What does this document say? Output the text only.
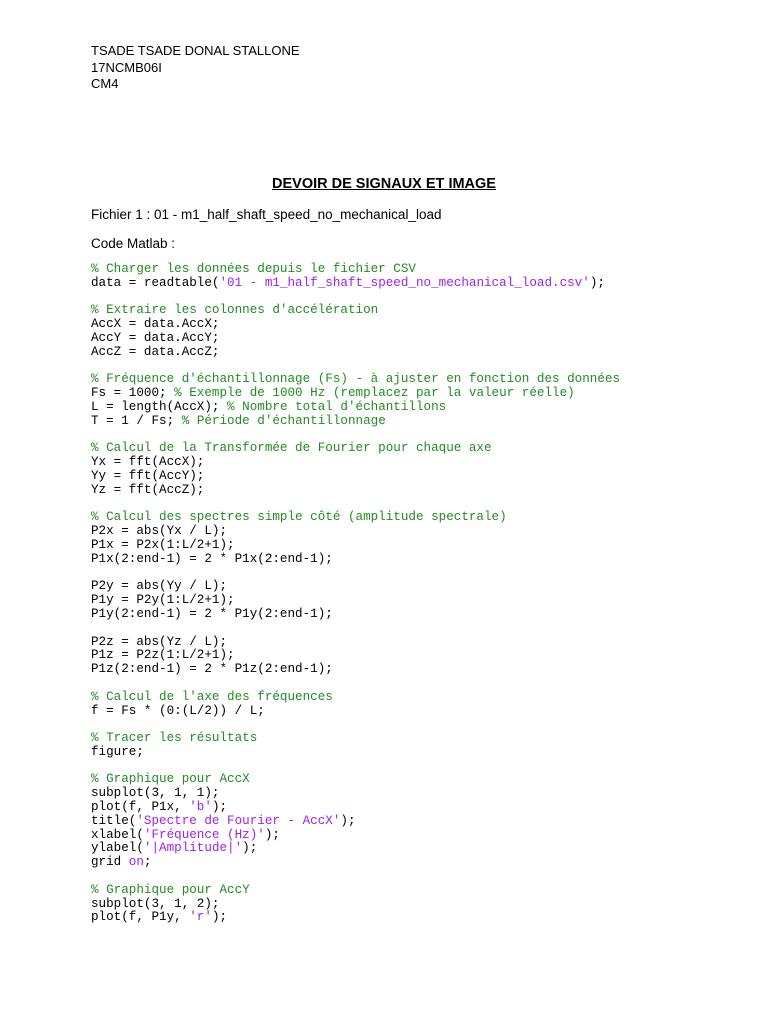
TSADE TSADE DONAL STALLONE
17NCMB06I
CM4
DEVOIR DE SIGNAUX ET IMAGE
Fichier 1 : 01 - m1_half_shaft_speed_no_mechanical_load
Code Matlab :
% Charger les données depuis le fichier CSV
data = readtable('01 - m1_half_shaft_speed_no_mechanical_load.csv');
% Extraire les colonnes d'accélération
AccX = data.AccX;
AccY = data.AccY;
AccZ = data.AccZ;
% Fréquence d'échantillonnage (Fs) - à ajuster en fonction des données
Fs = 1000; % Exemple de 1000 Hz (remplacez par la valeur réelle)
L = length(AccX); % Nombre total d'échantillons
T = 1 / Fs; % Période d'échantillonnage
% Calcul de la Transformée de Fourier pour chaque axe
Yx = fft(AccX);
Yy = fft(AccY);
Yz = fft(AccZ);
% Calcul des spectres simple côté (amplitude spectrale)
P2x = abs(Yx / L);
P1x = P2x(1:L/2+1);
P1x(2:end-1) = 2 * P1x(2:end-1);
P2y = abs(Yy / L);
P1y = P2y(1:L/2+1);
P1y(2:end-1) = 2 * P1y(2:end-1);
P2z = abs(Yz / L);
P1z = P2z(1:L/2+1);
P1z(2:end-1) = 2 * P1z(2:end-1);
% Calcul de l'axe des fréquences
f = Fs * (0:(L/2)) / L;
% Tracer les résultats
figure;
% Graphique pour AccX
subplot(3, 1, 1);
plot(f, P1x, 'b');
title('Spectre de Fourier - AccX');
xlabel('Fréquence (Hz)');
ylabel('|Amplitude|');
grid on;
% Graphique pour AccY
subplot(3, 1, 2);
plot(f, P1y, 'r');
